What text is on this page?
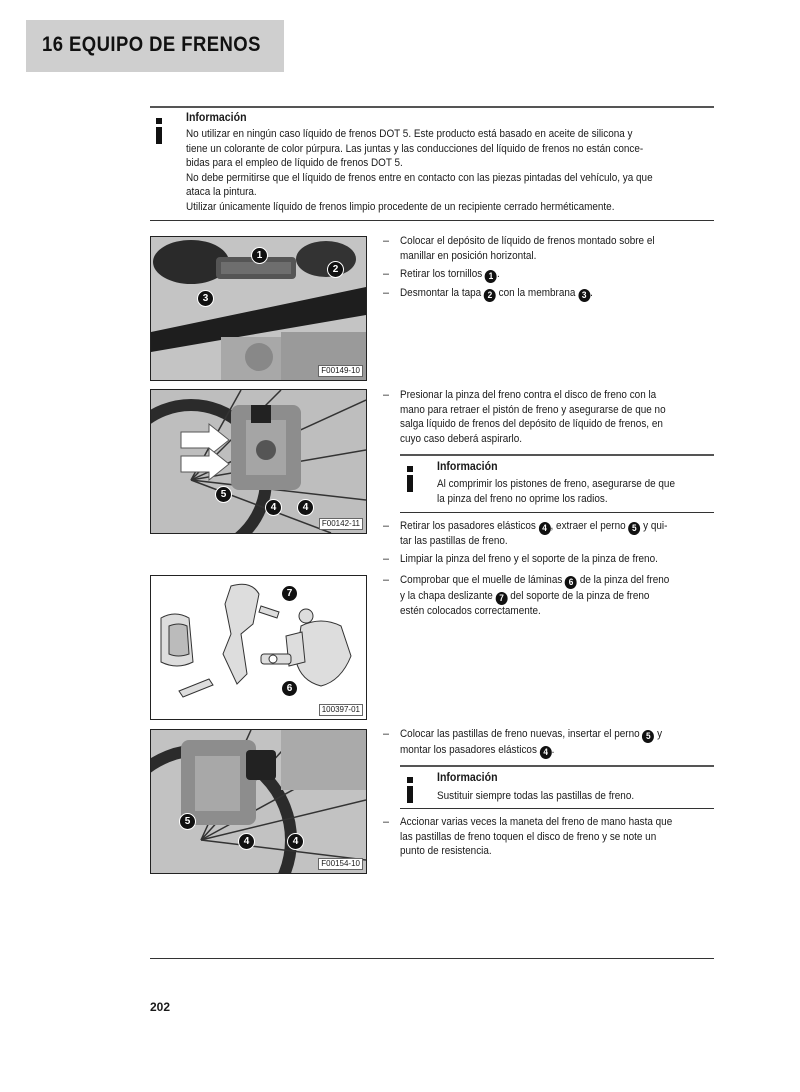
16 EQUIPO DE FRENOS
Información
No utilizar en ningún caso líquido de frenos DOT 5. Este producto está basado en aceite de silicona y
tiene un colorante de color púrpura. Las juntas y las conducciones del líquido de frenos no están conce-
bidas para el empleo de líquido de frenos DOT 5.
No debe permitirse que el líquido de frenos entre en contacto con las piezas pintadas del vehículo, ya que
ataca la pintura.
Utilizar únicamente líquido de frenos limpio procedente de un recipiente cerrado herméticamente.
1
2
3
F00149-10
– Colocar el depósito de líquido de frenos montado sobre el
manillar en posición horizontal.
– Retirar los tornillos 1 .
– Desmontar la tapa 2 con la membrana 3 .
5
4	4
F00142-11
– Presionar la pinza del freno contra el disco de freno con la
mano para retraer el pistón de freno y asegurarse de que no
salga líquido de frenos del depósito de líquido de frenos, en
cuyo caso deberá aspirarlo.
Información
Al comprimir los pistones de freno, asegurarse de que
la pinza del freno no oprime los radios.
– Retirar los pasadores elásticos 4 , extraer el perno 5 y qui-
tar las pastillas de freno.
– Limpiar la pinza del freno y el soporte de la pinza de freno.
7
6
100397-01
– Comprobar que el muelle de láminas 6 de la pinza del freno
y la chapa deslizante 7 del soporte de la pinza de freno
estén colocados correctamente.
5
4	4
F00154-10
– Colocar las pastillas de freno nuevas, insertar el perno 5 y
montar los pasadores elásticos 4 .
Información
Sustituir siempre todas las pastillas de freno.
– Accionar varias veces la maneta del freno de mano hasta que
las pastillas de freno toquen el disco de freno y se note un
punto de resistencia.
202
